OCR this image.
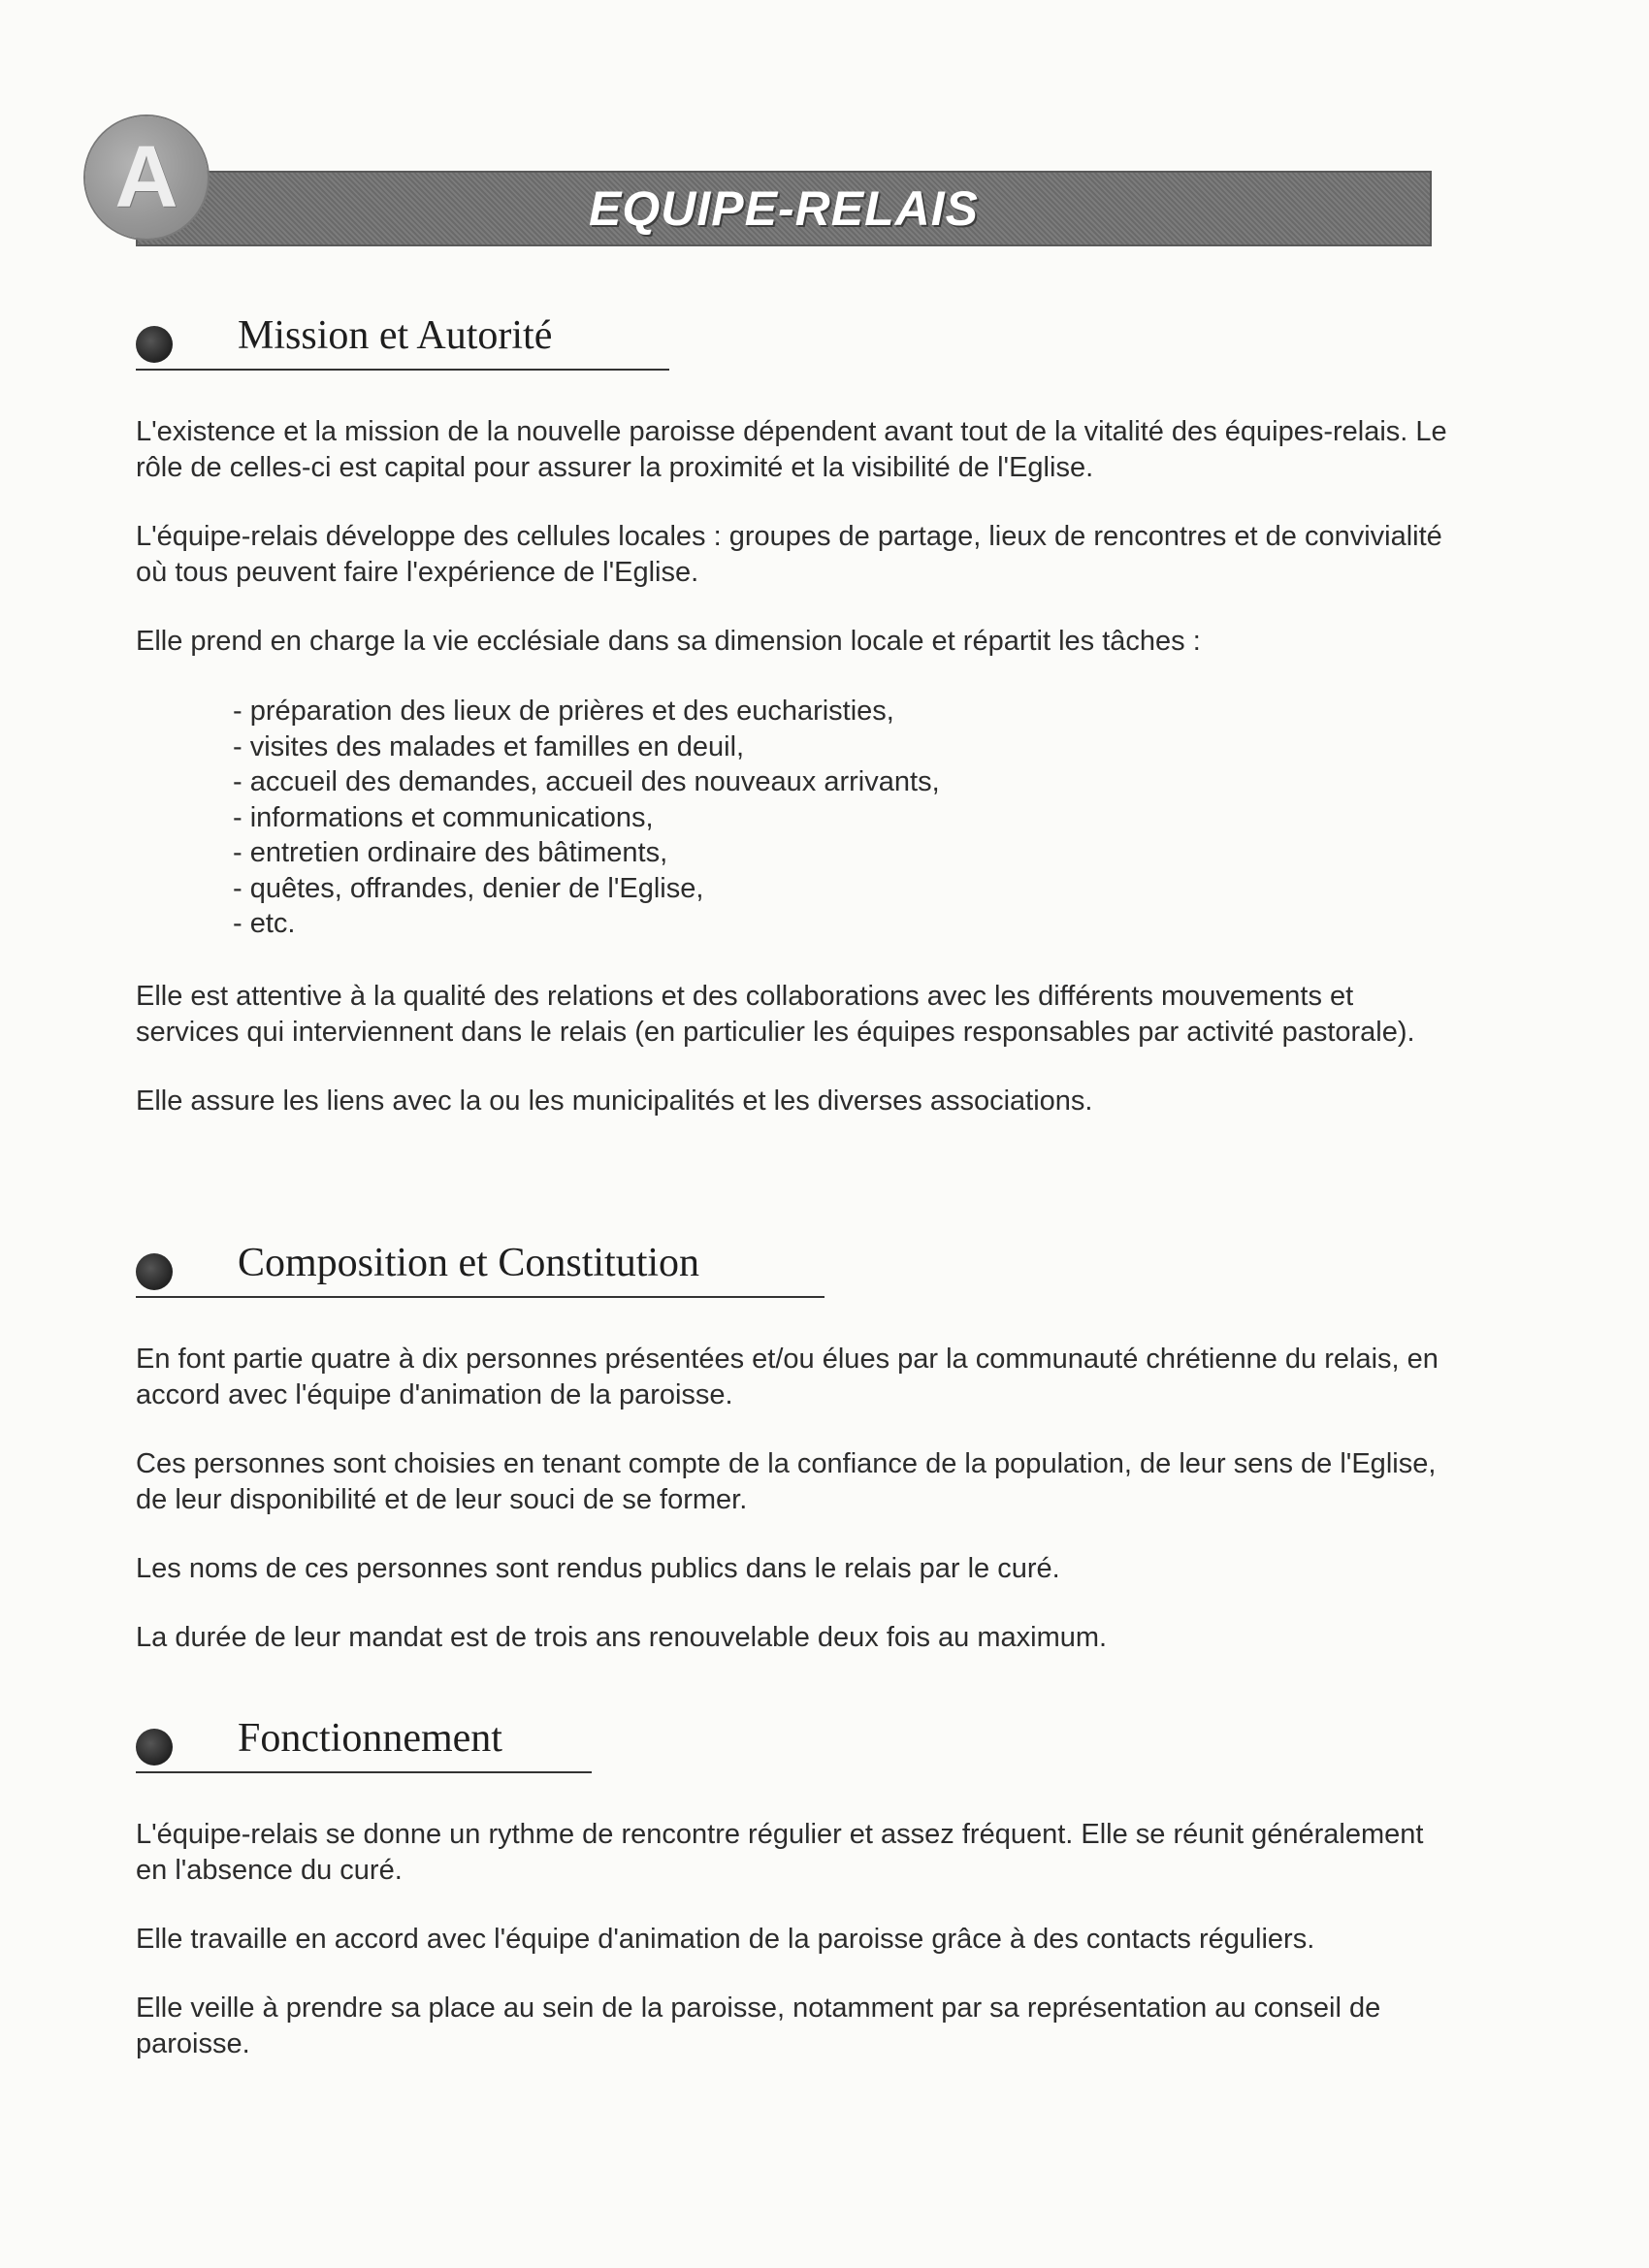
EQUIPE-RELAIS
A
Mission et Autorité

L'existence et la mission de la nouvelle paroisse dépendent avant tout de la vitalité des équipes-relais. Le rôle de celles-ci est capital pour assurer la proximité et la visibilité de l'Eglise.

L'équipe-relais développe des cellules locales : groupes de partage, lieux de rencontres et de convivialité où tous peuvent faire l'expérience de l'Eglise.

Elle prend en charge la vie ecclésiale dans sa dimension locale et répartit les tâches :

- préparation des lieux de prières et des eucharisties,
- visites des malades et familles en deuil,
- accueil des demandes, accueil des nouveaux arrivants,
- informations et communications,
- entretien ordinaire des bâtiments,
- quêtes, offrandes, denier de l'Eglise,
- etc.

Elle est attentive à la qualité des relations et des collaborations avec les différents mouvements et services qui interviennent dans le relais (en particulier les équipes responsables par activité pastorale).

Elle assure les liens avec la ou les municipalités et les diverses associations.

Composition et Constitution

En font partie quatre à dix personnes présentées et/ou élues par la communauté chrétienne du relais, en accord avec l'équipe d'animation de la paroisse.

Ces personnes sont choisies en tenant compte de la confiance de la population, de leur sens de l'Eglise, de leur disponibilité et de leur souci de se former.

Les noms de ces personnes sont rendus publics dans le relais par le curé.

La durée de leur mandat est de trois ans renouvelable deux fois au maximum.

Fonctionnement

L'équipe-relais se donne un rythme de rencontre régulier et assez fréquent. Elle se réunit généralement en l'absence du curé.

Elle travaille en accord avec l'équipe d'animation de la paroisse grâce à des contacts réguliers.

Elle veille à prendre sa place au sein de la paroisse, notamment par sa représentation au conseil de paroisse.
